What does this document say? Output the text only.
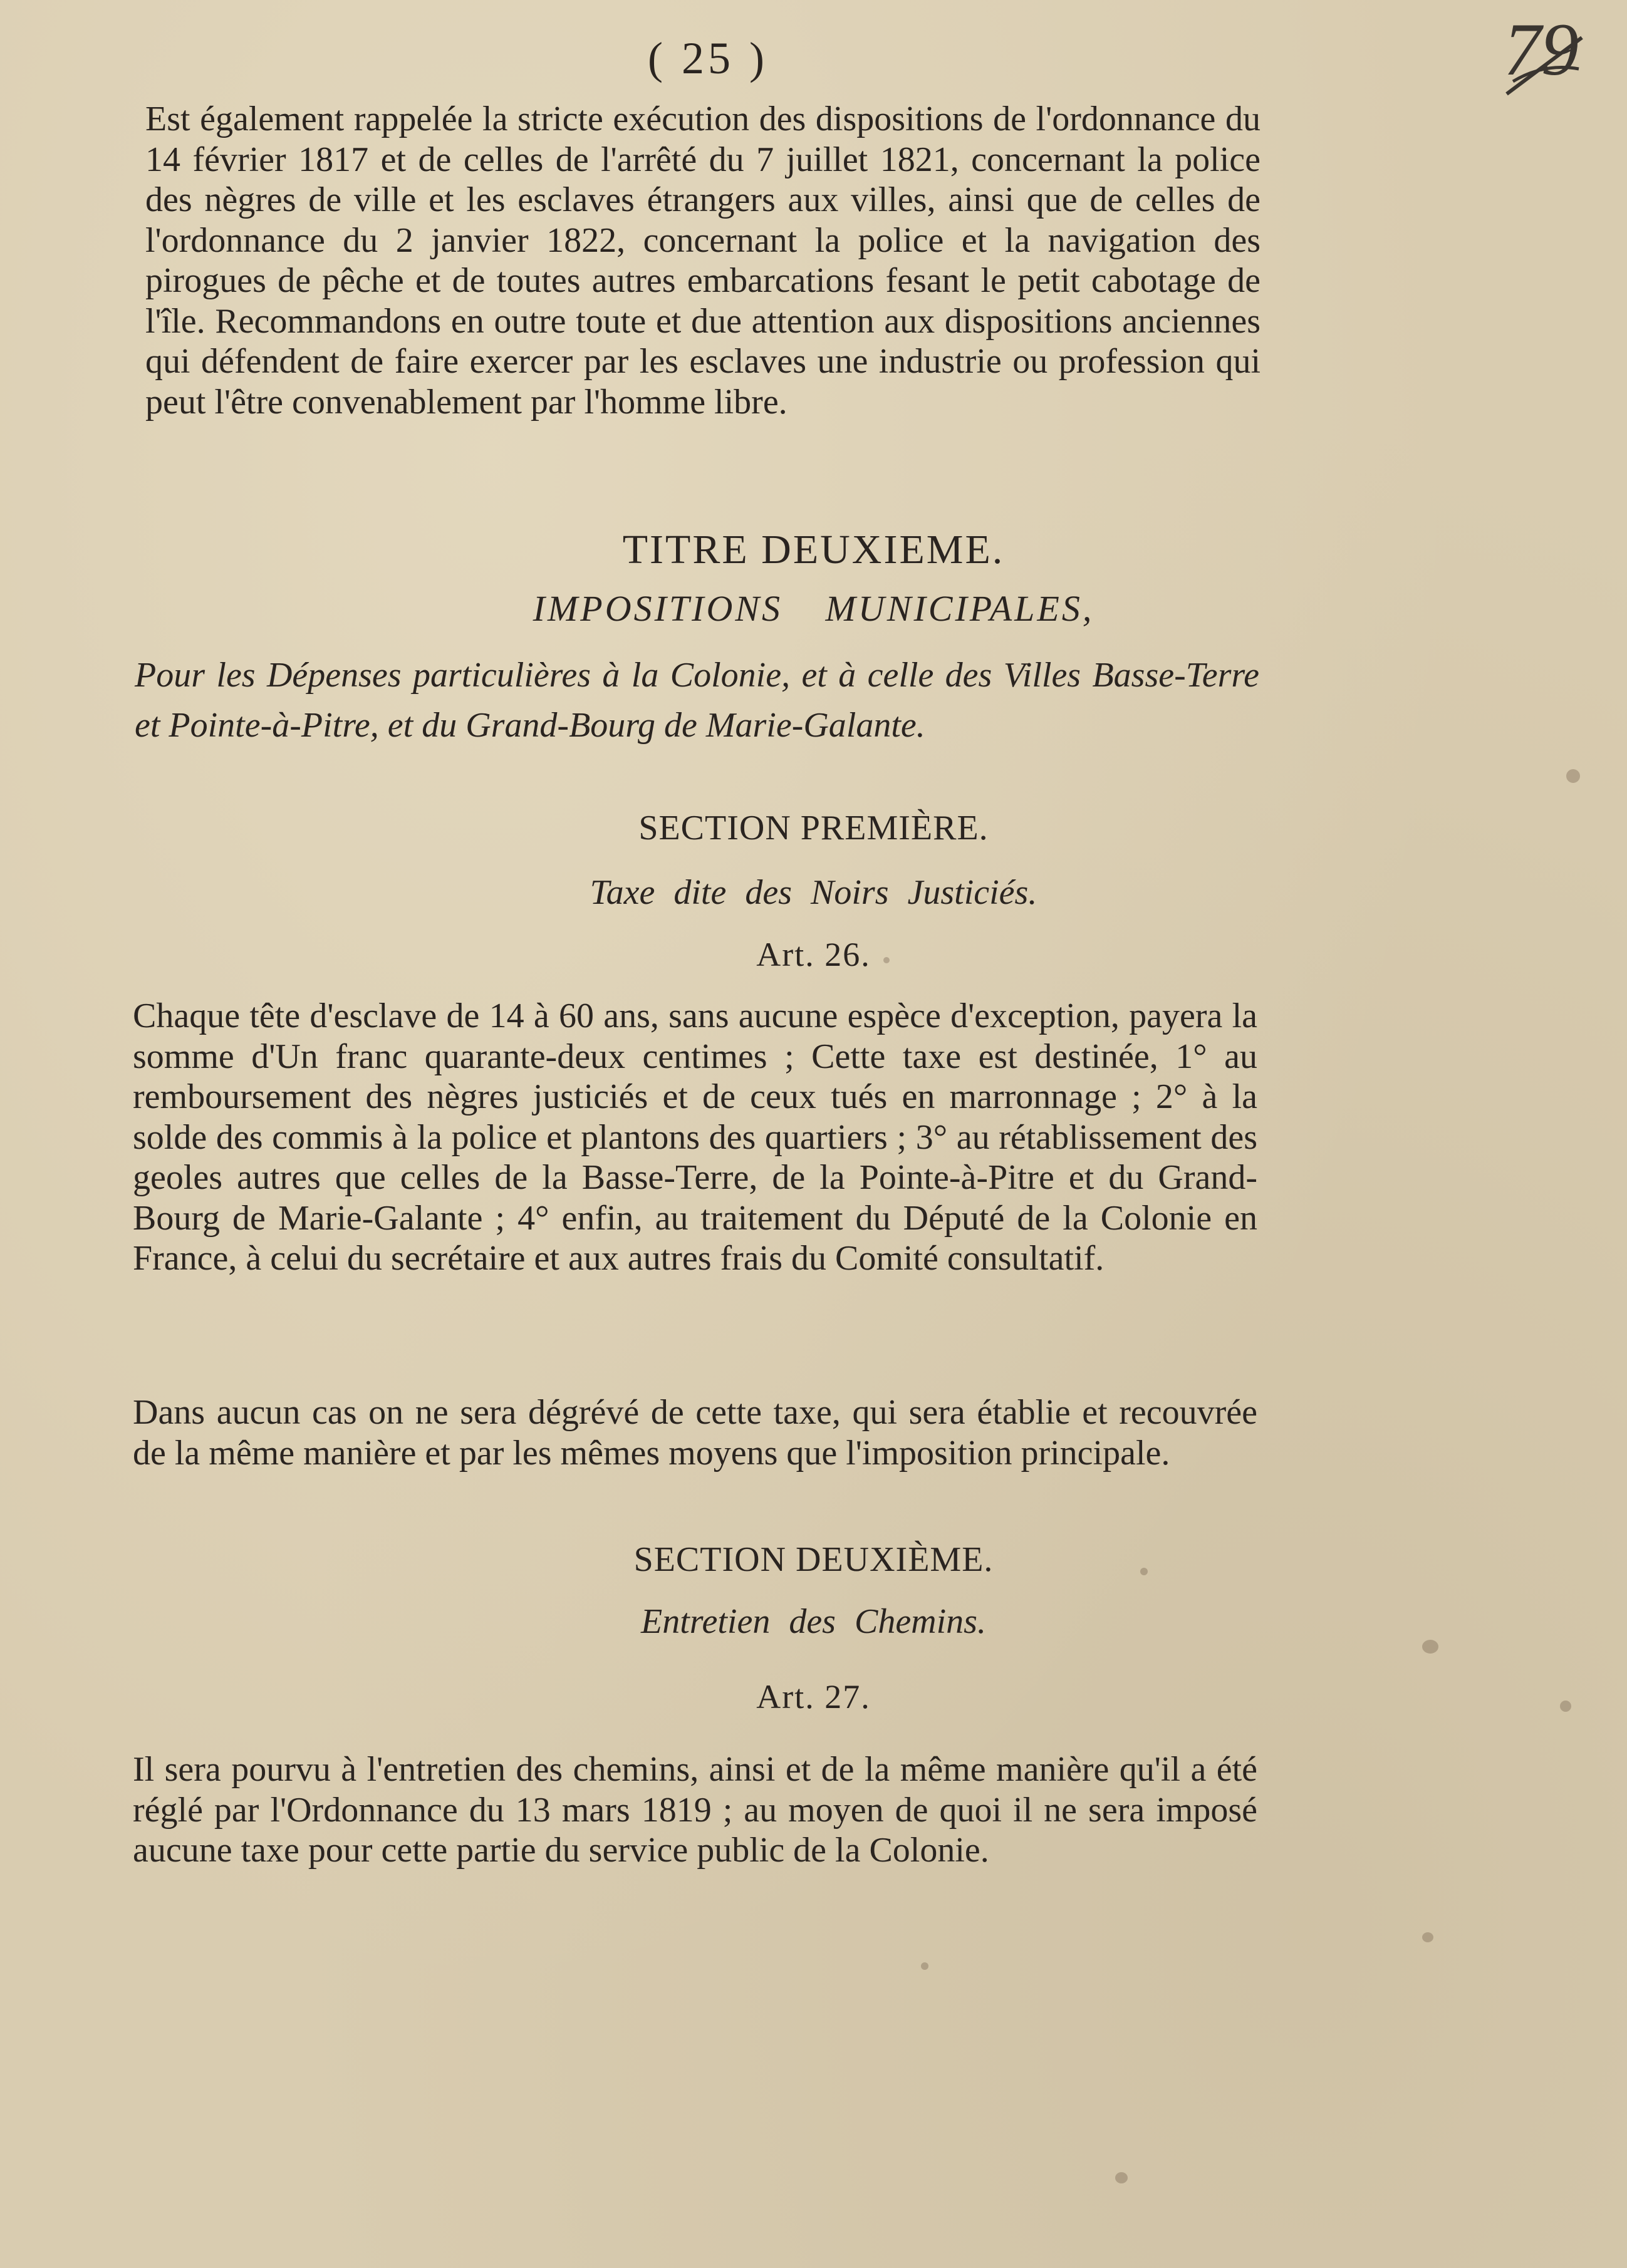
( 25 )	79

Est également rappelée la stricte exécution des dispositions de l'ordonnance du 14 février 1817 et de celles de l'arrêté du 7 juillet 1821, concernant la police des nègres de ville et les esclaves étrangers aux villes, ainsi que de celles de l'ordonnance du 2 janvier 1822, concernant la police et la navigation des pirogues de pêche et de toutes autres embarcations fesant le petit cabotage de l'île. Recommandons en outre toute et due attention aux dispositions anciennes qui défendent de faire exercer par les esclaves une industrie ou profession qui peut l'être convenablement par l'homme libre.

TITRE DEUXIEME.

IMPOSITIONS MUNICIPALES,

Pour les Dépenses particulières à la Colonie, et à celle des Villes Basse-Terre et Pointe-à-Pitre, et du Grand-Bourg de Marie-Galante.

SECTION PREMIÈRE.

Taxe dite des Noirs Justiciés.

Art. 26.

Chaque tête d'esclave de 14 à 60 ans, sans aucune espèce d'exception, payera la somme d'Un franc quarante-deux centimes ; Cette taxe est destinée, 1° au remboursement des nègres justiciés et de ceux tués en marronnage ; 2° à la solde des commis à la police et plantons des quartiers ; 3° au rétablissement des geoles autres que celles de la Basse-Terre, de la Pointe-à-Pitre et du Grand-Bourg de Marie-Galante ; 4° enfin, au traitement du Député de la Colonie en France, à celui du secrétaire et aux autres frais du Comité consultatif.

Dans aucun cas on ne sera dégrévé de cette taxe, qui sera établie et recouvrée de la même manière et par les mêmes moyens que l'imposition principale.

SECTION DEUXIÈME.

Entretien des Chemins.

Art. 27.

Il sera pourvu à l'entretien des chemins, ainsi et de la même manière qu'il a été réglé par l'Ordonnance du 13 mars 1819 ; au moyen de quoi il ne sera imposé aucune taxe pour cette partie du service public de la Colonie.
